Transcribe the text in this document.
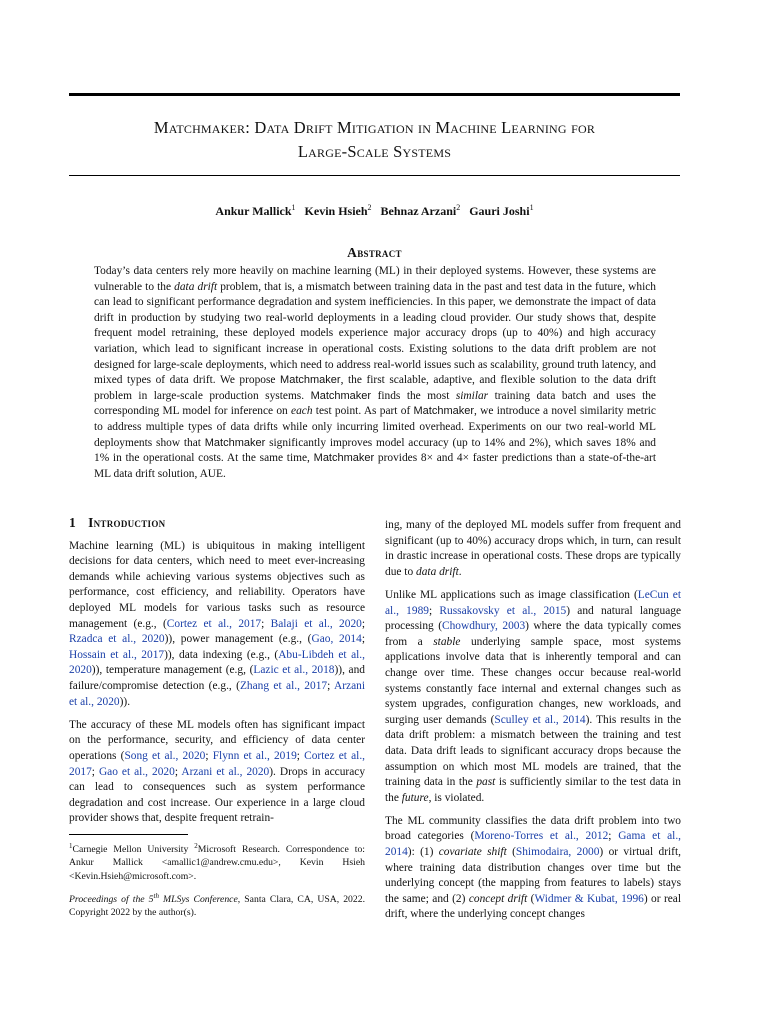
Matchmaker: Data Drift Mitigation in Machine Learning for
Large-Scale Systems
Ankur Mallick$^1$ Kevin Hsieh$^2$ Behnaz Arzani$^2$ Gauri Joshi$^1$
Abstract
Today’s data centers rely more heavily on machine learning (ML) in their deployed systems. However, these systems are vulnerable to the data drift problem, that is, a mismatch between training data in the past and test data in the future, which can lead to significant performance degradation and system inefficiencies. In this paper, we demonstrate the impact of data drift in production by studying two real-world deployments in a leading cloud provider. Our study shows that, despite frequent model retraining, these deployed models experience major accuracy drops (up to 40%) and high accuracy variation, which lead to significant increase in operational costs. Existing solutions to the data drift problem are not designed for large-scale deployments, which need to address real-world issues such as scalability, ground truth latency, and mixed types of data drift. We propose Matchmaker, the first scalable, adaptive, and flexible solution to the data drift problem in large-scale production systems. Matchmaker finds the most similar training data batch and uses the corresponding ML model for inference on each test point. As part of Matchmaker, we introduce a novel similarity metric to address multiple types of data drifts while only incurring limited overhead. Experiments on our two real-world ML deployments show that Matchmaker significantly improves model accuracy (up to 14% and 2%), which saves 18% and 1% in the operational costs. At the same time, Matchmaker provides 8× and 4× faster predictions than a state-of-the-art ML data drift solution, AUE.
1 Introduction

Machine learning (ML) is ubiquitous in making intelligent decisions for data centers, which need to meet ever-increasing demands while achieving various systems objectives such as performance, cost efficiency, and reliability. Operators have deployed ML models for various tasks such as resource management (e.g., (Cortez et al., 2017; Balaji et al., 2020; Rzadca et al., 2020)), power management (e.g., (Gao, 2014; Hossain et al., 2017)), data indexing (e.g., (Abu-Libdeh et al., 2020)), temperature management (e.g, (Lazic et al., 2018)), and failure/compromise detection (e.g., (Zhang et al., 2017; Arzani et al., 2020)).

The accuracy of these ML models often has significant impact on the performance, security, and efficiency of data center operations (Song et al., 2020; Flynn et al., 2019; Cortez et al., 2017; Gao et al., 2020; Arzani et al., 2020). Drops in accuracy can lead to consequences such as system performance degradation and cost increase. Our experience in a large cloud provider shows that, despite frequent retrain-

$^1$Carnegie Mellon University $^2$Microsoft Research. Correspondence to: Ankur Mallick <amallic1@andrew.cmu.edu>, Kevin Hsieh <Kevin.Hsieh@microsoft.com>.
Proceedings of the 5th MLSys Conference, Santa Clara, CA, USA, 2022. Copyright 2022 by the author(s).

ing, many of the deployed ML models suffer from frequent and significant (up to 40%) accuracy drops which, in turn, can result in drastic increase in operational costs. These drops are typically due to data drift.

Unlike ML applications such as image classification (LeCun et al., 1989; Russakovsky et al., 2015) and natural language processing (Chowdhury, 2003) where the data typically comes from a stable underlying sample space, most systems applications involve data that is inherently temporal and can change over time. These changes occur because real-world systems constantly face internal and external changes such as system upgrades, configuration changes, new workloads, and surging user demands (Sculley et al., 2014). This results in the data drift problem: a mismatch between the training and test data. Data drift leads to significant accuracy drops because the assumption on which most ML models are trained, that the training data in the past is sufficiently similar to the test data in the future, is violated.

The ML community classifies the data drift problem into two broad categories (Moreno-Torres et al., 2012; Gama et al., 2014): (1) covariate shift (Shimodaira, 2000) or virtual drift, where training data distribution changes over time but the underlying concept (the mapping from features to labels) stays the same; and (2) concept drift (Widmer & Kubat, 1996) or real drift, where the underlying concept changes
